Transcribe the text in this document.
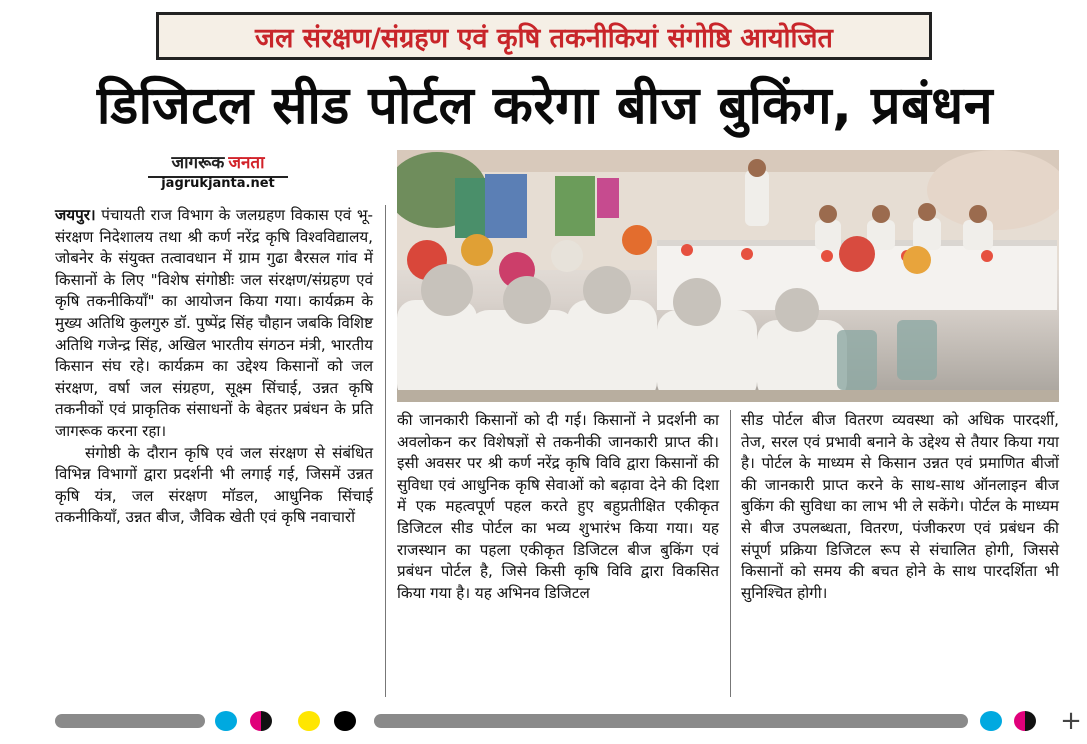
जल संरक्षण/संग्रहण एवं कृषि तकनीकियां संगोष्ठि आयोजित
डिजिटल सीड पोर्टल करेगा बीज बुकिंग, प्रबंधन
जागरूक जनता
jagrukjanta.net

जयपुर। पंचायती राज विभाग के जलग्रहण विकास एवं भू-संरक्षण निदेशालय तथा श्री कर्ण नरेंद्र कृषि विश्वविद्यालय, जोबनेर के संयुक्त तत्वावधान में ग्राम गुढा बैरसल गांव में किसानों के लिए "विशेष संगोष्ठीः जल संरक्षण/संग्रहण एवं कृषि तकनीकियाँ" का आयोजन किया गया। कार्यक्रम के मुख्य अतिथि कुलगुरु डॉ. पुष्पेंद्र सिंह चौहान जबकि विशिष्ट अतिथि गजेन्द्र सिंह, अखिल भारतीय संगठन मंत्री, भारतीय किसान संघ रहे। कार्यक्रम का उद्देश्य किसानों को जल संरक्षण, वर्षा जल संग्रहण, सूक्ष्म सिंचाई, उन्नत कृषि तकनीकों एवं प्राकृतिक संसाधनों के बेहतर प्रबंधन के प्रति जागरूक करना रहा।

संगोष्ठी के दौरान कृषि एवं जल संरक्षण से संबंधित विभिन्न विभागों द्वारा प्रदर्शनी भी लगाई गई, जिसमें उन्नत कृषि यंत्र, जल संरक्षण मॉडल, आधुनिक सिंचाई तकनीकियाँ, उन्नत बीज, जैविक खेती एवं कृषि नवाचारों

की जानकारी किसानों को दी गई। किसानों ने प्रदर्शनी का अवलोकन कर विशेषज्ञों से तकनीकी जानकारी प्राप्त की। इसी अवसर पर श्री कर्ण नरेंद्र कृषि विवि द्वारा किसानों की सुविधा एवं आधुनिक कृषि सेवाओं को बढ़ावा देने की दिशा में एक महत्वपूर्ण पहल करते हुए बहुप्रतीक्षित एकीकृत डिजिटल सीड पोर्टल का भव्य शुभारंभ किया गया। यह राजस्थान का पहला एकीकृत डिजिटल बीज बुकिंग एवं प्रबंधन पोर्टल है, जिसे किसी कृषि विवि द्वारा विकसित किया गया है। यह अभिनव डिजिटल

सीड पोर्टल बीज वितरण व्यवस्था को अधिक पारदर्शी, तेज, सरल एवं प्रभावी बनाने के उद्देश्य से तैयार किया गया है। पोर्टल के माध्यम से किसान उन्नत एवं प्रमाणित बीजों की जानकारी प्राप्त करने के साथ-साथ ऑनलाइन बीज बुकिंग की सुविधा का लाभ भी ले सकेंगे। पोर्टल के माध्यम से बीज उपलब्धता, वितरण, पंजीकरण एवं प्रबंधन की संपूर्ण प्रक्रिया डिजिटल रूप से संचालित होगी, जिससे किसानों को समय की बचत होने के साथ पारदर्शिता भी सुनिश्चित होगी।

+
